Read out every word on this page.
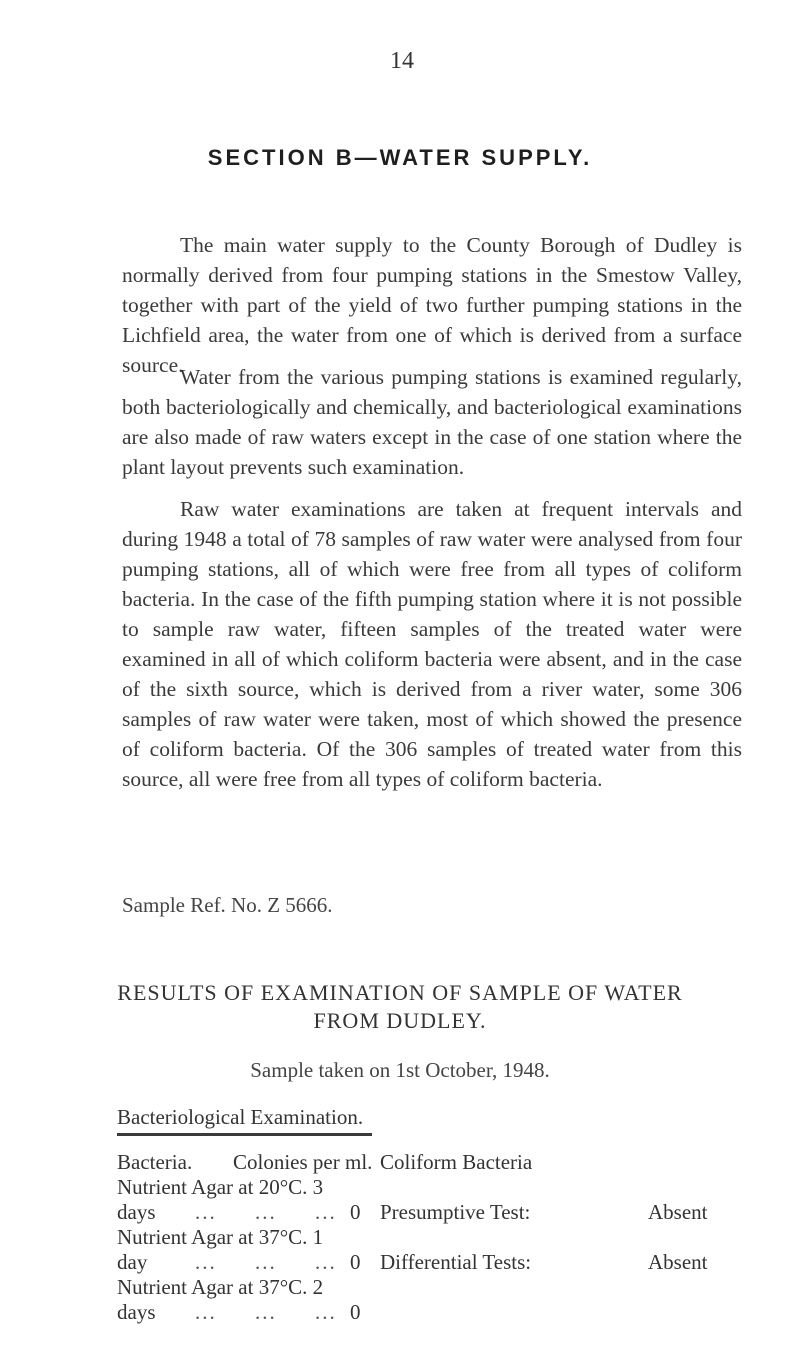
14
SECTION B—WATER SUPPLY.

The main water supply to the County Borough of Dudley is normally derived from four pumping stations in the Smestow Valley, together with part of the yield of two further pumping stations in the Lichfield area, the water from one of which is derived from a surface source.

Water from the various pumping stations is examined regularly, both bacteriologically and chemically, and bacteriological examinations are also made of raw waters except in the case of one station where the plant layout prevents such examination.

Raw water examinations are taken at frequent intervals and during 1948 a total of 78 samples of raw water were analysed from four pumping stations, all of which were free from all types of coliform bacteria. In the case of the fifth pumping station where it is not possible to sample raw water, fifteen samples of the treated water were examined in all of which coliform bacteria were absent, and in the case of the sixth source, which is derived from a river water, some 306 samples of raw water were taken, most of which showed the presence of coliform bacteria. Of the 306 samples of treated water from this source, all were free from all types of coliform bacteria.

Sample Ref. No. Z 5666.
RESULTS OF EXAMINATION OF SAMPLE OF WATER
FROM DUDLEY.
Sample taken on 1st October, 1948.
Bacteriological Examination.
Bacteria. Colonies per ml. Coliform Bacteria
Nutrient Agar at 20°C. 3
days ... ... ... 0
Nutrient Agar at 37°C. 1
day ... ... ... 0
Nutrient Agar at 37°C. 2
days ... ... ... 0
Presumptive Test:	Absent
Differential Tests:	Absent
